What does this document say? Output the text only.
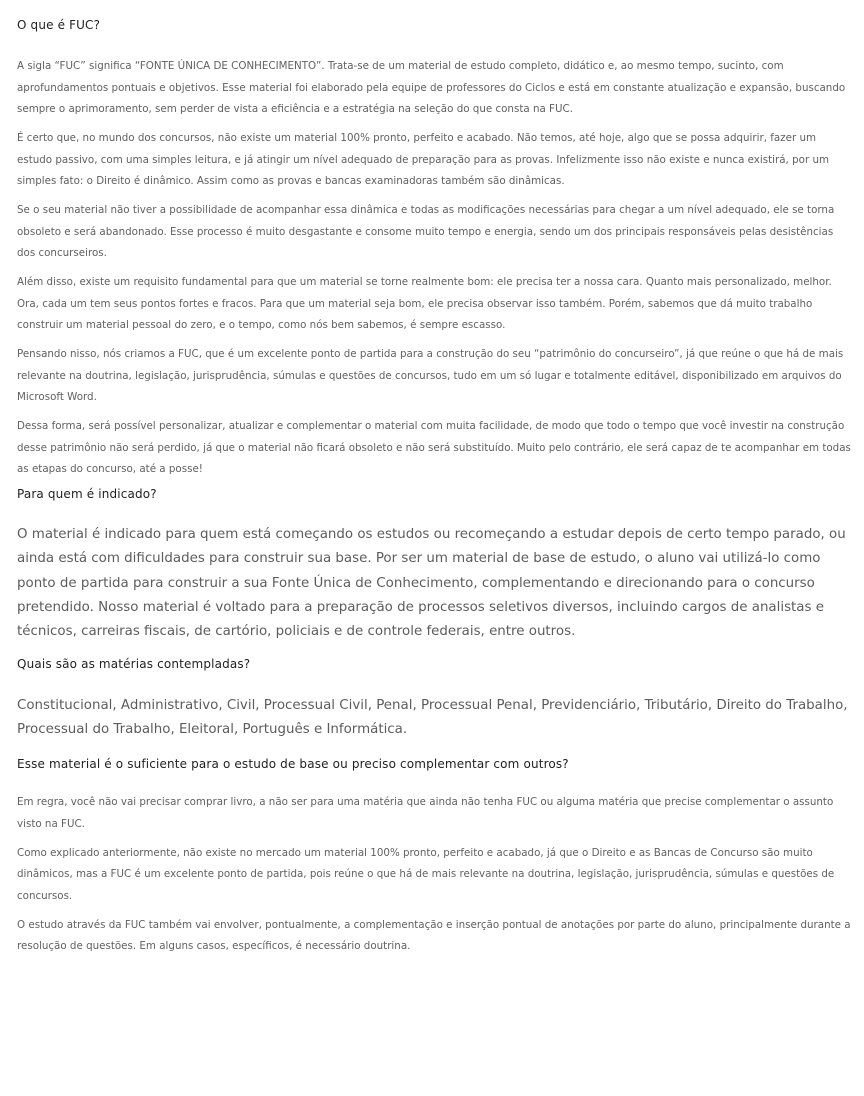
O que é FUC?

A sigla “FUC” significa “FONTE ÚNICA DE CONHECIMENTO”. Trata-se de um material de estudo completo, didático e, ao mesmo tempo, sucinto, com aprofundamentos pontuais e objetivos. Esse material foi elaborado pela equipe de professores do Ciclos e está em constante atualização e expansão, buscando sempre o aprimoramento, sem perder de vista a eficiência e a estratégia na seleção do que consta na FUC.

É certo que, no mundo dos concursos, não existe um material 100% pronto, perfeito e acabado. Não temos, até hoje, algo que se possa adquirir, fazer um estudo passivo, com uma simples leitura, e já atingir um nível adequado de preparação para as provas. Infelizmente isso não existe e nunca existirá, por um simples fato: o Direito é dinâmico. Assim como as provas e bancas examinadoras também são dinâmicas.

Se o seu material não tiver a possibilidade de acompanhar essa dinâmica e todas as modificações necessárias para chegar a um nível adequado, ele se torna obsoleto e será abandonado. Esse processo é muito desgastante e consome muito tempo e energia, sendo um dos principais responsáveis pelas desistências dos concurseiros.

Além disso, existe um requisito fundamental para que um material se torne realmente bom: ele precisa ter a nossa cara. Quanto mais personalizado, melhor. Ora, cada um tem seus pontos fortes e fracos. Para que um material seja bom, ele precisa observar isso também. Porém, sabemos que dá muito trabalho construir um material pessoal do zero, e o tempo, como nós bem sabemos, é sempre escasso.

Pensando nisso, nós criamos a FUC, que é um excelente ponto de partida para a construção do seu “patrimônio do concurseiro”, já que reúne o que há de mais relevante na doutrina, legislação, jurisprudência, súmulas e questões de concursos, tudo em um só lugar e totalmente editável, disponibilizado em arquivos do Microsoft Word.

Dessa forma, será possível personalizar, atualizar e complementar o material com muita facilidade, de modo que todo o tempo que você investir na construção desse patrimônio não será perdido, já que o material não ficará obsoleto e não será substituído. Muito pelo contrário, ele será capaz de te acompanhar em todas as etapas do concurso, até a posse!

Para quem é indicado?

O material é indicado para quem está começando os estudos ou recomeçando a estudar depois de certo tempo parado, ou ainda está com dificuldades para construir sua base. Por ser um material de base de estudo, o aluno vai utilizá-lo como ponto de partida para construir a sua Fonte Única de Conhecimento, complementando e direcionando para o concurso pretendido. Nosso material é voltado para a preparação de processos seletivos diversos, incluindo cargos de analistas e técnicos, carreiras fiscais, de cartório, policiais e de controle federais, entre outros.

Quais são as matérias contempladas?

Constitucional, Administrativo, Civil, Processual Civil, Penal, Processual Penal, Previdenciário, Tributário, Direito do Trabalho, Processual do Trabalho, Eleitoral, Português e Informática.

Esse material é o suficiente para o estudo de base ou preciso complementar com outros?

Em regra, você não vai precisar comprar livro, a não ser para uma matéria que ainda não tenha FUC ou alguma matéria que precise complementar o assunto visto na FUC.

Como explicado anteriormente, não existe no mercado um material 100% pronto, perfeito e acabado, já que o Direito e as Bancas de Concurso são muito dinâmicos, mas a FUC é um excelente ponto de partida, pois reúne o que há de mais relevante na doutrina, legislação, jurisprudência, súmulas e questões de concursos.

O estudo através da FUC também vai envolver, pontualmente, a complementação e inserção pontual de anotações por parte do aluno, principalmente durante a resolução de questões. Em alguns casos, específicos, é necessário doutrina.
